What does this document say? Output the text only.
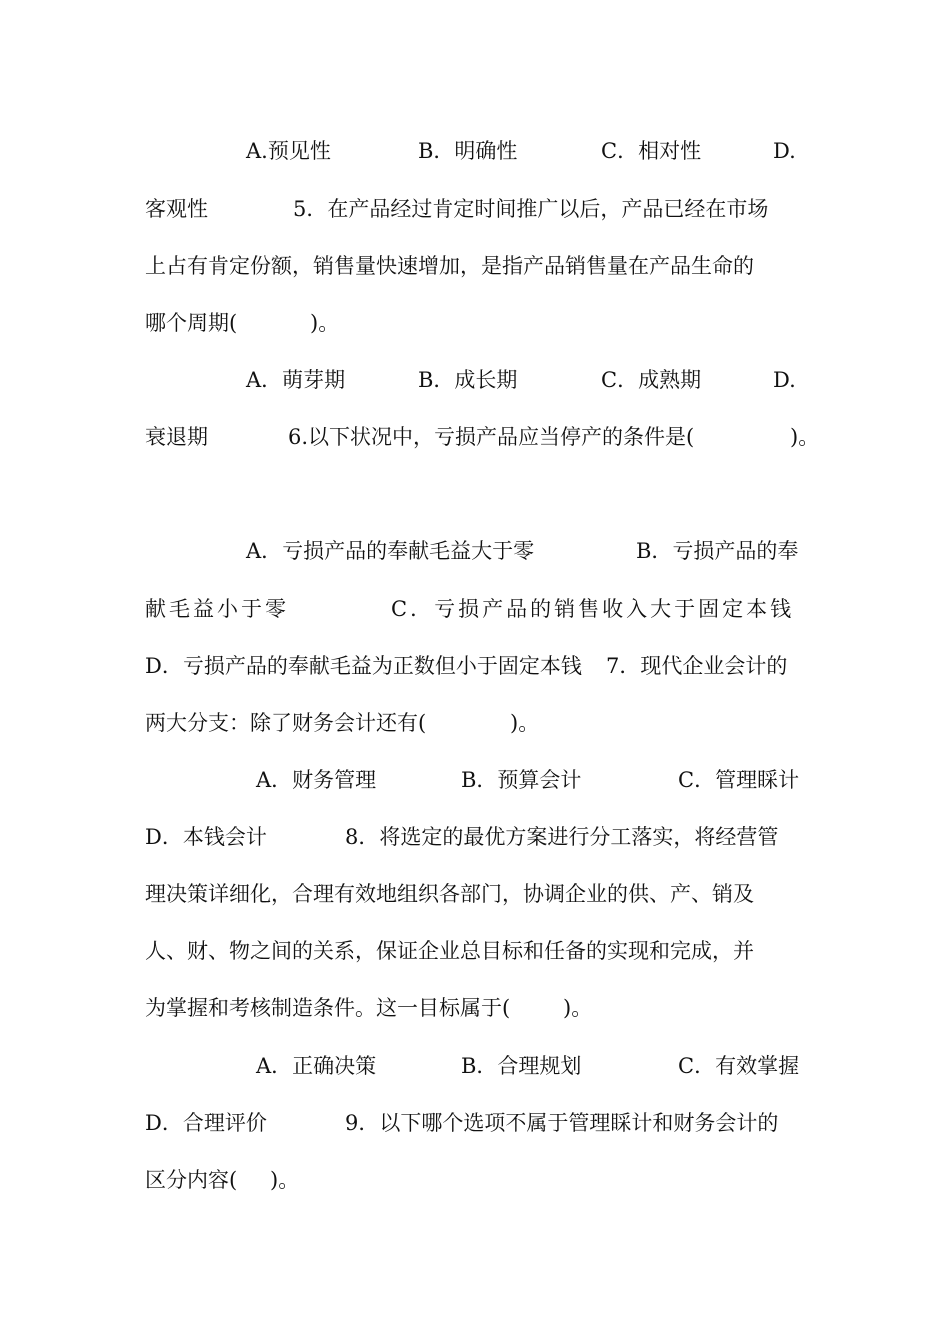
A.预见性	B．明确性	C．相对性	D.
客观性	5．在产品经过肯定时间推广以后，产品已经在市场
上占有肯定份额，销售量快速增加，是指产品销售量在产品生命的
哪个周期(	)。
A．萌芽期	B．成长期	C．成熟期	D.
衰退期	6.以下状况中，亏损产品应当停产的条件是(	)。
A．亏损产品的奉献毛益大于零	B．亏损产品的奉
献毛益小于零	C．亏损产品的销售收入大于固定本钱
D．亏损产品的奉献毛益为正数但小于固定本钱 7．现代企业会计的
两大分支：除了财务会计还有(	)。
A．财务管理	B．预算会计	C．管理睬计
D．本钱会计	8．将选定的最优方案进行分工落实，将经营管
理决策详细化，合理有效地组织各部门，协调企业的供、产、销及
人、财、物之间的关系，保证企业总目标和任备的实现和完成，并
为掌握和考核制造条件。这一目标属于(	)。
A．正确决策	B．合理规划	C．有效掌握
D．合理评价	9．以下哪个选项不属于管理睬计和财务会计的
区分内容( )。
